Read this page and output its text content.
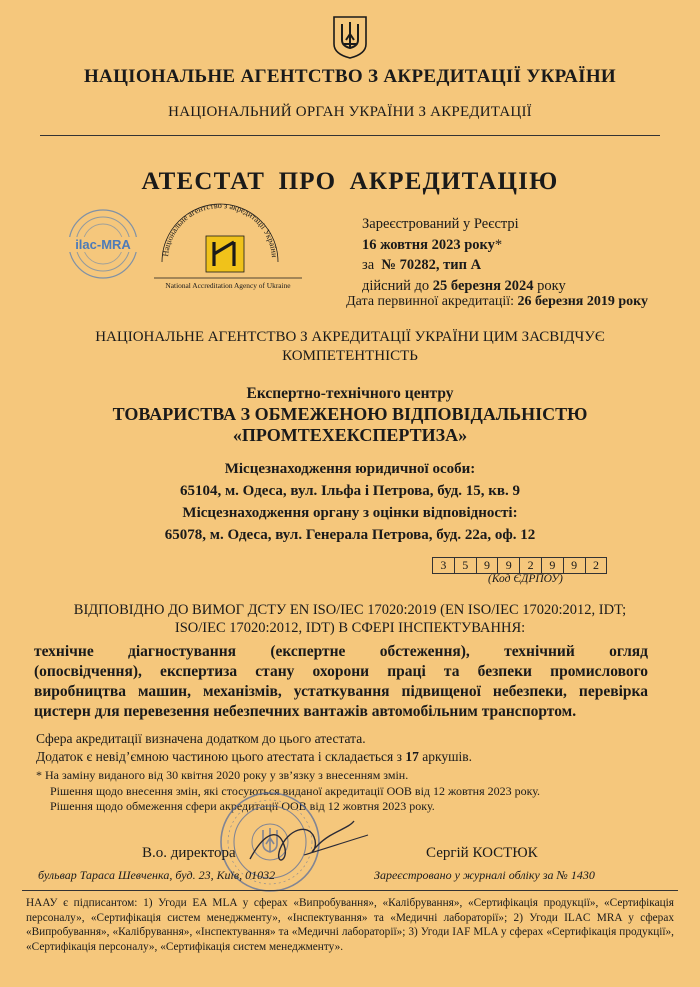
НАЦІОНАЛЬНЕ АГЕНТСТВО З АКРЕДИТАЦІЇ УКРАЇНИ
НАЦІОНАЛЬНИЙ ОРГАН УКРАЇНИ З АКРЕДИТАЦІЇ
АТЕСТАТ ПРО АКРЕДИТАЦІЮ
ilac-MRA
Національне агентство з акредитації України
National Accreditation Agency of Ukraine
Зареєстрований у Реєстрі
16 жовтня 2023 року*
за № 70282, тип А
дійсний до 25 березня 2024 року
Дата первинної акредитації: 26 березня 2019 року
НАЦІОНАЛЬНЕ АГЕНТСТВО З АКРЕДИТАЦІЇ УКРАЇНИ ЦИМ ЗАСВІДЧУЄ
КОМПЕТЕНТНІСТЬ
Експертно-технічного центру
ТОВАРИСТВА З ОБМЕЖЕНОЮ ВІДПОВІДАЛЬНІСТЮ
«ПРОМТЕХЕКСПЕРТИЗА»
Місцезнаходження юридичної особи:
65104, м. Одеса, вул. Ільфа і Петрова, буд. 15, кв. 9
Місцезнаходження органу з оцінки відповідності:
65078, м. Одеса, вул. Генерала Петрова, буд. 22а, оф. 12
3 5 9 9 2 9 9 2
(Код ЄДРПОУ)
ВІДПОВІДНО ДО ВИМОГ ДСТУ EN ISO/IEC 17020:2019 (EN ISO/IEC 17020:2012, IDT;
ISO/IEC 17020:2012, IDT) В СФЕРІ ІНСПЕКТУВАННЯ:
технічне діагностування (експертне обстеження), технічний огляд
(опосвідчення), експертиза стану охорони праці та безпеки промислового
виробництва машин, механізмів, устаткування підвищеної небезпеки, перевірка
цистерн для перевезення небезпечних вантажів автомобільним транспортом.
Сфера акредитації визначена додатком до цього атестата.
Додаток є невід’ємною частиною цього атестата і складається з 17 аркушів.
* На заміну виданого від 30 квітня 2020 року у зв’язку з внесенням змін.
Рішення щодо внесення змін, які стосуються виданої акредитації ООВ від 12 жовтня 2023 року.
Рішення щодо обмеження сфери акредитації ООВ від 12 жовтня 2023 року.
В.о. директора	Сергій КОСТЮК
бульвар Тараса Шевченка, буд. 23, Київ, 01032	Зареєстровано у журналі обліку за № 1430
НААУ є підписантом: 1) Угоди EA MLA у сферах «Випробування», «Калібрування», «Сертифікація продукції», «Сертифікація персоналу», «Сертифікація систем менеджменту», «Інспектування» та «Медичні лабораторії»; 2) Угоди ILAC MRA у сферах «Випробування», «Калібрування», «Інспектування» та «Медичні лабораторії»; 3) Угоди IAF MLA у сферах «Сертифікація продукції», «Сертифікація персоналу», «Сертифікація систем менеджменту».
